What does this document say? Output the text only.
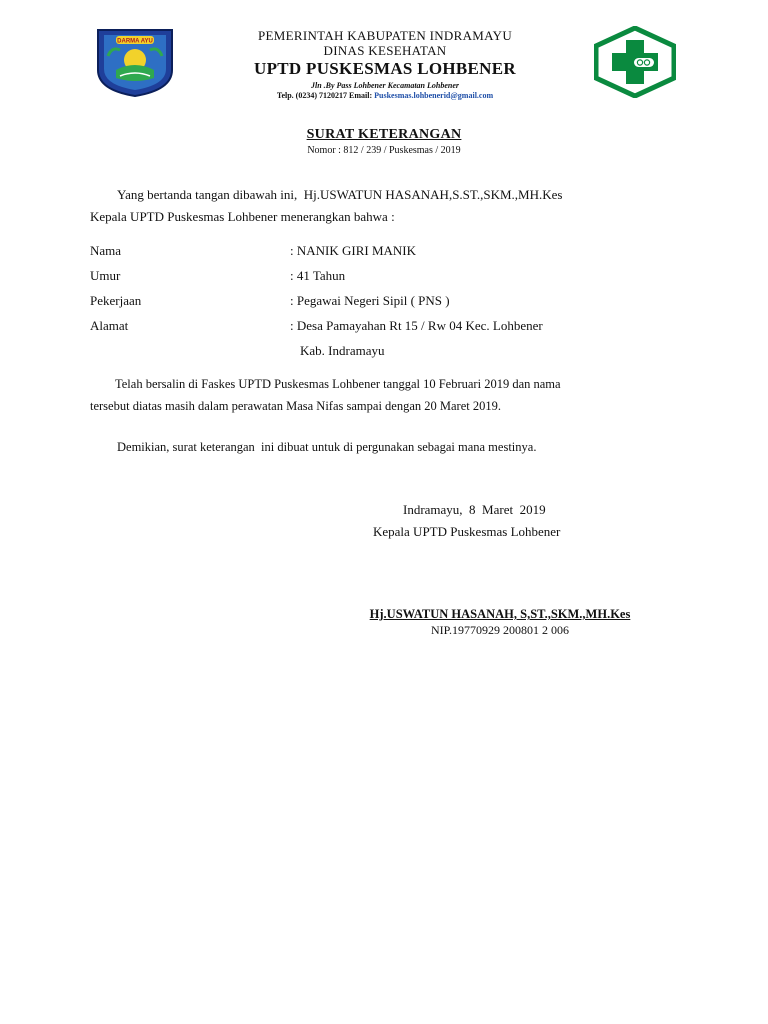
DARMA AYU	PEMERINTAH KABUPATEN INDRAMAYU
DINAS KESEHATAN
UPTD PUSKESMAS LOHBENER
Jln .By Pass Lohbener Kecamatan Lohbener
Telp. (0234) 7120217 Email: Puskesmas.lohbenerid@gmail.com
SURAT KETERANGAN
Nomor : 812 / 239 / Puskesmas / 2019
Yang bertanda tangan dibawah ini,  Hj.USWATUN HASANAH,S.ST.,SKM.,MH.Kes
Kepala UPTD Puskesmas Lohbener menerangkan bahwa :
Nama	: NANIK GIRI MANIK
Umur	: 41 Tahun
Pekerjaan	: Pegawai Negeri Sipil ( PNS )
Alamat	: Desa Pamayahan Rt 15 / Rw 04 Kec. Lohbener
Kab. Indramayu
Telah bersalin di Faskes UPTD Puskesmas Lohbener tanggal 10 Februari 2019 dan nama
tersebut diatas masih dalam perawatan Masa Nifas sampai dengan 20 Maret 2019.
Demikian, surat keterangan  ini dibuat untuk di pergunakan sebagai mana mestinya.
Indramayu,  8  Maret  2019
Kepala UPTD Puskesmas Lohbener
Hj.USWATUN HASANAH, S,ST.,SKM.,MH.Kes
NIP.19770929 200801 2 006
